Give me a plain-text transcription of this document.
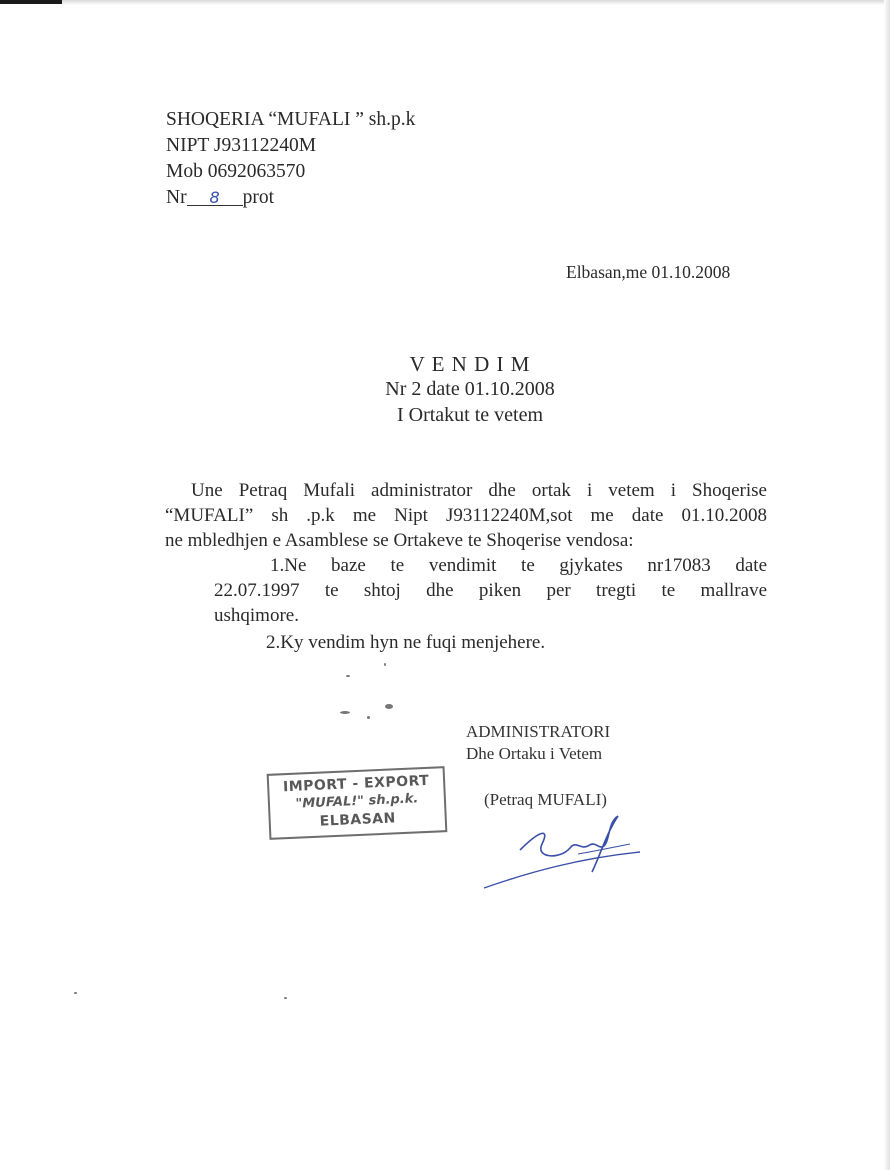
SHOQERIA “MUFALI ” sh.p.k
NIPT J93112240M
Mob 0692063570
Nr 8 prot
Elbasan,me 01.10.2008
V E N D I M
Nr 2 date 01.10.2008
I Ortakut te vetem
Une Petraq Mufali administrator dhe ortak i vetem i Shoqerise
“MUFALI” sh .p.k me Nipt J93112240M,sot me date 01.10.2008
ne mbledhjen e Asamblese se Ortakeve te Shoqerise vendosa:
1.Ne baze te vendimit te gjykates nr17083 date
22.07.1997 te shtoj dhe piken per tregti te mallrave
ushqimore.
2.Ky vendim hyn ne fuqi menjehere.
ADMINISTRATORI
Dhe Ortaku i Vetem
(Petraq MUFALI)
IMPORT - EXPORT
"MUFAL!" sh.p.k.
ELBASAN
